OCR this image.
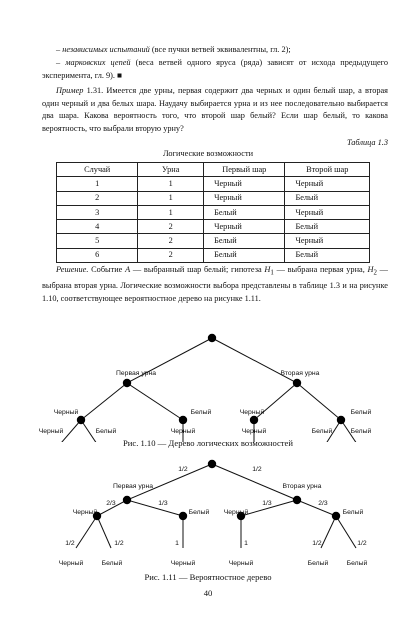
– независимых испытаний (все пучки ветвей эквивалентны, гл. 2);

– марковских цепей (веса ветвей одного яруса (ряда) зависят от исхода предыдущего эксперимента, гл. 9). ■

Пример 1.31. Имеется две урны, первая содержит два черных и один белый шар, а вторая один черный и два белых шара. Наудачу выбирается урна и из нее последовательно выбирается два шара. Какова вероятность того, что второй шар белый? Если шар белый, то какова вероятность, что выбрали вторую урну?

Таблица 1.3
Логические возможности
Случай	Урна	Первый шар	Второй шар
1	1	Черный	Черный
2	1	Черный	Белый
3	1	Белый	Черный
4	2	Черный	Белый
5	2	Белый	Черный
6	2	Белый	Белый

Решение. Событие A — выбранный шар белый; гипотеза $H_1$ — выбрана первая урна, $H_2$ — выбрана вторая урна. Логические возможности выбора представлены в таблице 1.3 и на рисунке 1.10, соответствующее вероятностное дерево на рисунке 1.11.

Первая урна	Вторая урна
Черный	Белый	Черный	Белый
Черный	Белый	Черный	Черный	Белый	Белый
Рис. 1.10 — Дерево логических возможностей
1/2	1/2
Первая урна	Вторая урна
2/3	1/3	1/3	2/3
Черный	Белый Черный	Белый
1/2	1/2	1	1	1/2	1/2
Черный	Белый	Черный	Черный	Белый	Белый
Рис. 1.11 — Вероятностное дерево
40
